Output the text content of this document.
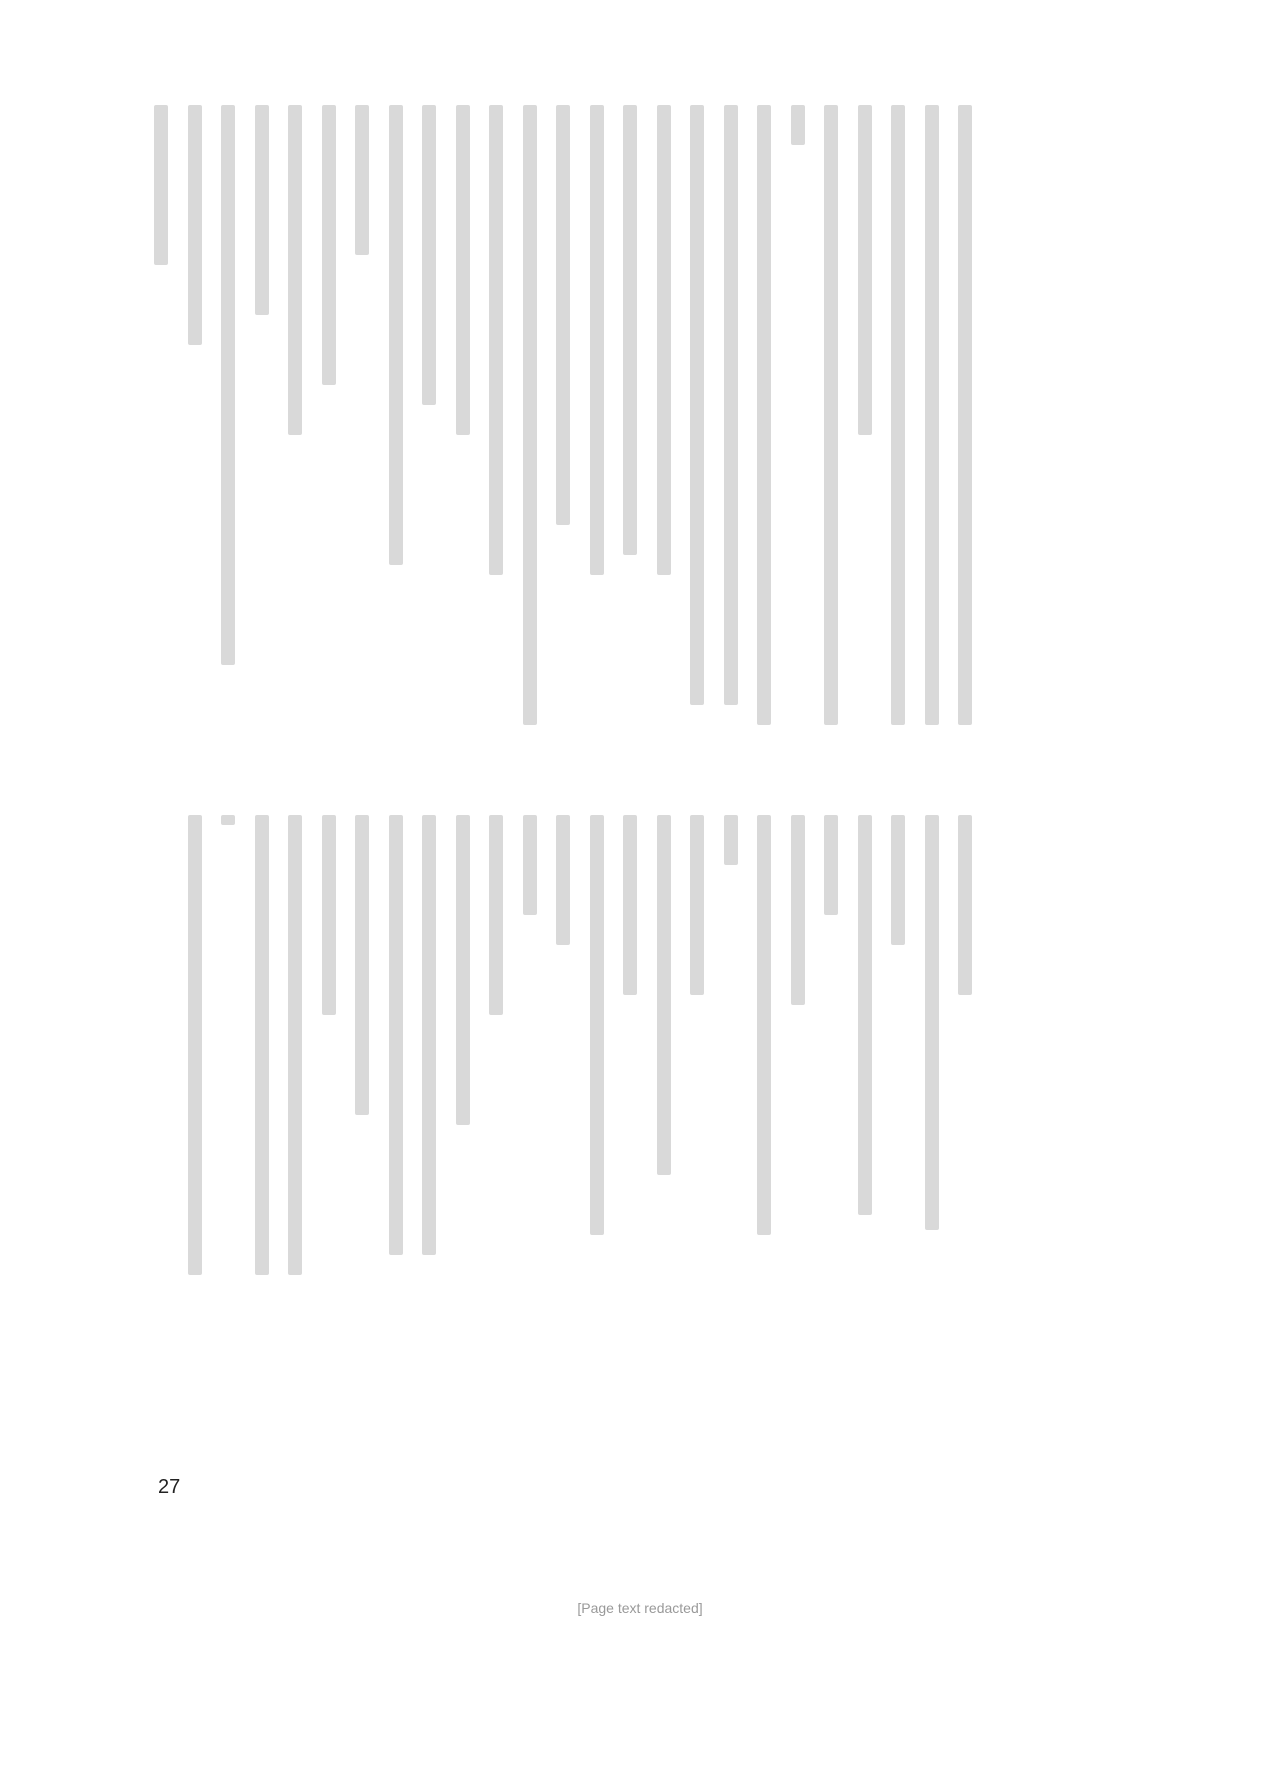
27
[Page text redacted]
